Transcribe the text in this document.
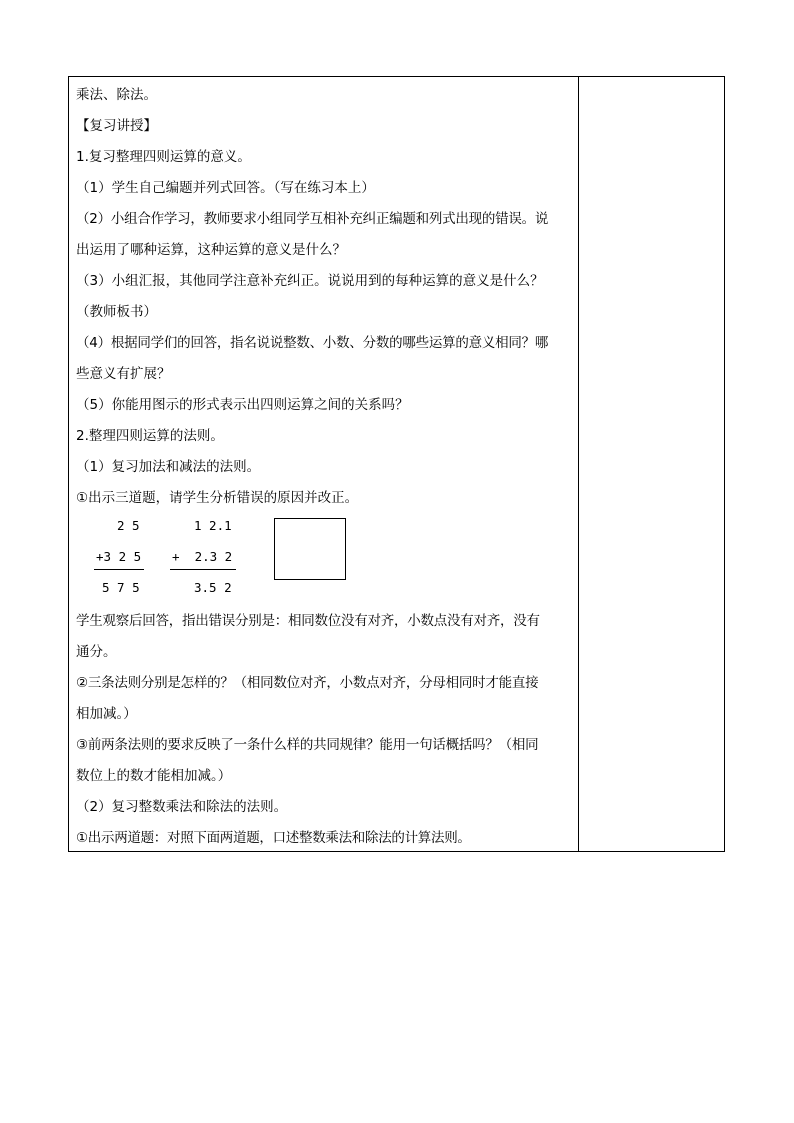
乘法、除法。

【复习讲授】

1.复习整理四则运算的意义。

（1）学生自己编题并列式回答。（写在练习本上）

（2）小组合作学习，教师要求小组同学互相补充纠正编题和列式出现的错误。说

出运用了哪种运算，这种运算的意义是什么？

（3）小组汇报，其他同学注意补充纠正。说说用到的每种运算的意义是什么？

（教师板书）

（4）根据同学们的回答，指名说说整数、小数、分数的哪些运算的意义相同？哪

些意义有扩展？

（5）你能用图示的形式表示出四则运算之间的关系吗？

2.整理四则运算的法则。

（1）复习加法和减法的法则。

①出示三道题，请学生分析错误的原因并改正。

2 5
+3 2 5
5 7 5
1 2.1
+  2.3 2
3.5 2

学生观察后回答，指出错误分别是：相同数位没有对齐，小数点没有对齐，没有

通分。

②三条法则分别是怎样的？（相同数位对齐，小数点对齐，分母相同时才能直接

相加减。）

③前两条法则的要求反映了一条什么样的共同规律？能用一句话概括吗？（相同

数位上的数才能相加减。）

（2）复习整数乘法和除法的法则。

①出示两道题：对照下面两道题，口述整数乘法和除法的计算法则。
